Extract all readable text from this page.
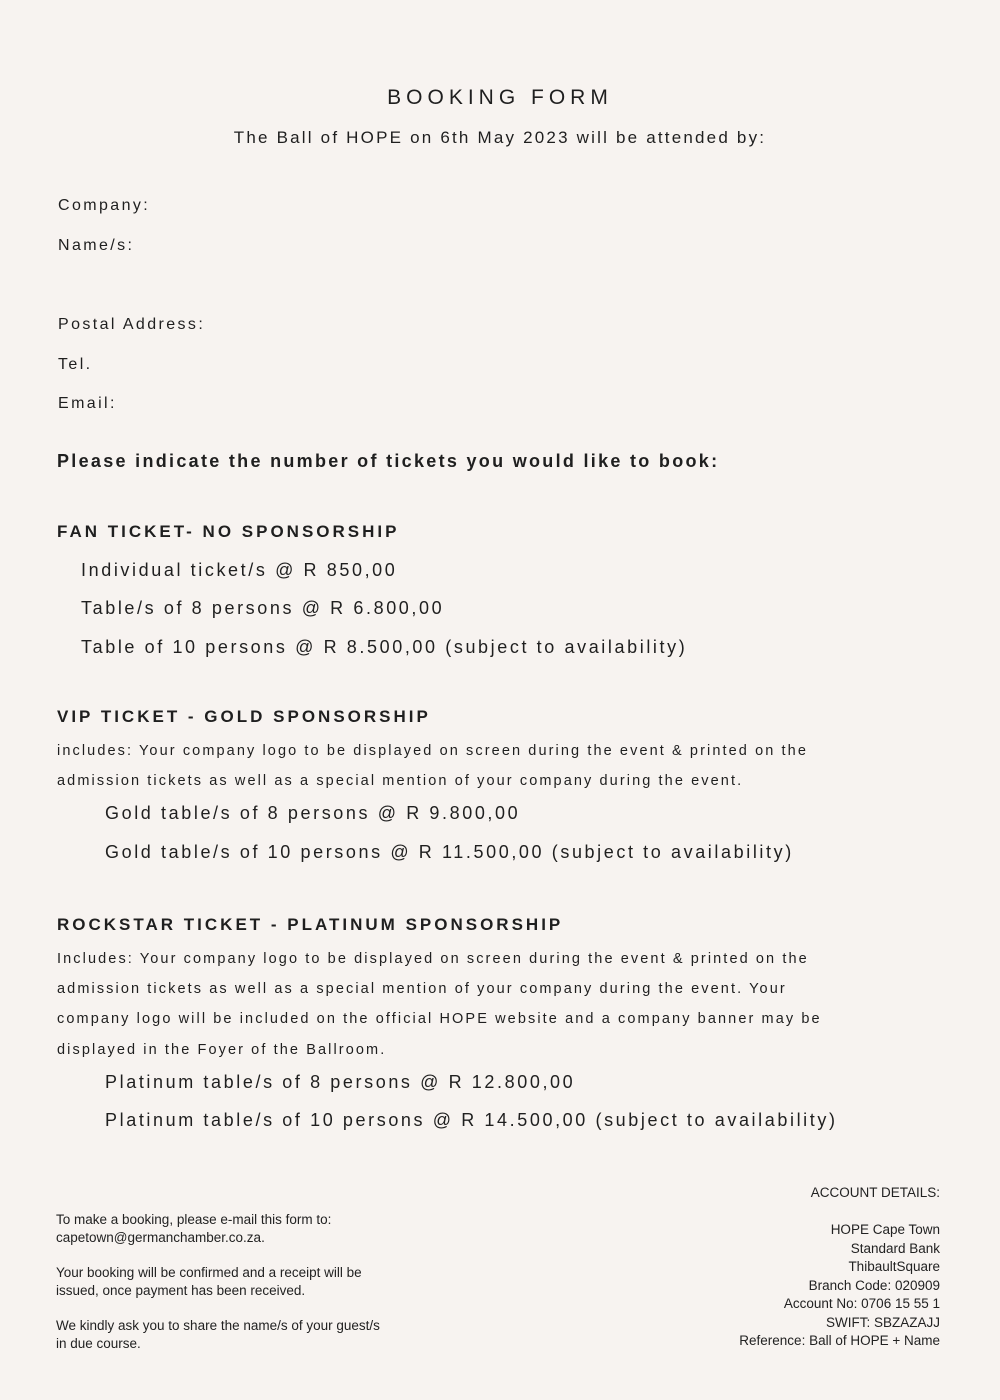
BOOKING FORM
The Ball of HOPE on 6th May 2023 will be attended by:
Company:
Name/s:
Postal Address:
Tel.
Email:
Please indicate the number of tickets you would like to book:
FAN TICKET- NO SPONSORSHIP
Individual ticket/s @ R 850,00
Table/s of 8 persons @ R 6.800,00
Table of 10 persons @ R 8.500,00 (subject to availability)
VIP TICKET - GOLD SPONSORSHIP
includes: Your company logo to be displayed on screen during the event & printed on the
admission tickets as well as a special mention of your company during the event.
Gold table/s of 8 persons @ R 9.800,00
Gold table/s of 10 persons @ R 11.500,00 (subject to availability)
ROCKSTAR TICKET - PLATINUM SPONSORSHIP
Includes: Your company logo to be displayed on screen during the event & printed on the
admission tickets as well as a special mention of your company during the event. Your
company logo will be included on the official HOPE website and a company banner may be
displayed in the Foyer of the Ballroom.
Platinum table/s of 8 persons @ R 12.800,00
Platinum table/s of 10 persons @ R 14.500,00 (subject to availability)
To make a booking, please e-mail this form to:
capetown@germanchamber.co.za.
Your booking will be confirmed and a receipt will be
issued, once payment has been received.
We kindly ask you to share the name/s of your guest/s
in due course.
ACCOUNT DETAILS:
HOPE Cape Town
Standard Bank
ThibaultSquare
Branch Code: 020909
Account No: 0706 15 55 1
SWIFT: SBZAZAJJ
Reference: Ball of HOPE + Name
